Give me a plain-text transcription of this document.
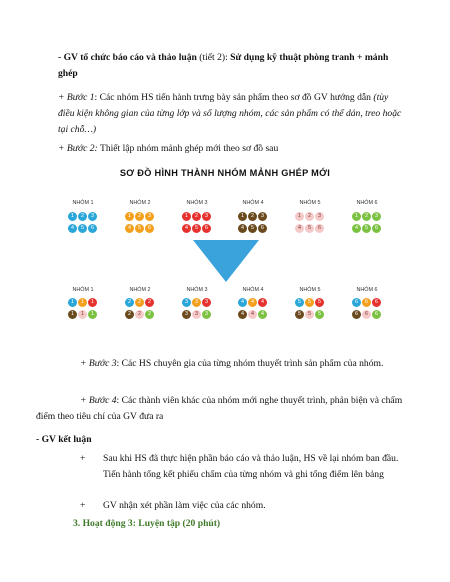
- GV tổ chức báo cáo và thảo luận (tiết 2): Sử dụng kỹ thuật phòng tranh + mảnh ghép
+ Bước 1: Các nhóm HS tiến hành trưng bày sản phẩm theo sơ đồ GV hướng dẫn (tùy điều kiện không gian của từng lớp và số lượng nhóm, các sản phẩm có thể dán, treo hoặc tại chỗ…)
+ Bước 2: Thiết lập nhóm mảnh ghép mới theo sơ đồ sau
SƠ ĐỒ HÌNH THÀNH NHÓM MẢNH GHÉP MỚI
NHÓM 1
1	2	3
4	5	6
NHÓM 2
1	2	3
4	5	6
NHÓM 3
1	2	3
4	5	6
NHÓM 4
1	2	3
4	5	6
NHÓM 5
1	2	3
4	5	6
NHÓM 6
1	2	3
4	5	6
NHÓM 1
1	1	1
1	1	1
NHÓM 2
2	2	2
2	2	2
NHÓM 3
3	3	3
3	3	3
NHÓM 4
4	4	4
4	4	4
NHÓM 5
5	5	5
5	5	5
NHÓM 6
6	6	6
6	6	6
+ Bước 3: Các HS chuyên gia của từng nhóm thuyết trình sản phẩm của nhóm.
+ Bước 4: Các thành viên khác của nhóm mới nghe thuyết trình, phản biện và chấm điểm theo tiêu chí của GV đưa ra
- GV kết luận
+ Sau khi HS đã thực hiện phần báo cáo và thảo luận, HS về lại nhóm ban đầu. Tiến hành tổng kết phiếu chấm của từng nhóm và ghi tổng điểm lên bảng
+ GV nhận xét phần làm việc của các nhóm.
3. Hoạt động 3: Luyện tập (20 phút)
